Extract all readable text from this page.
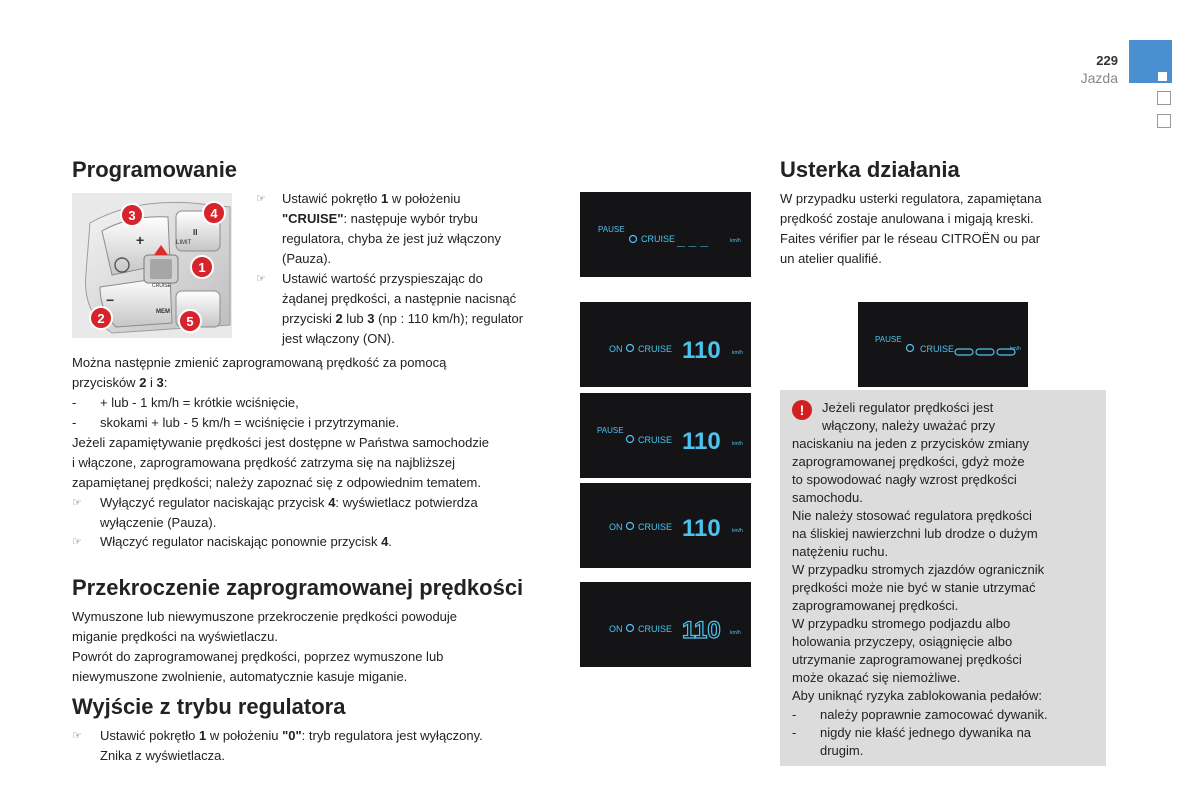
229
Jazda
Programowanie
+
−
II
LIMIT
CRUISE
MEM
3	4
1
2	5
☞ Ustawić pokrętło 1 w położeniu
"CRUISE": następuje wybór trybu
regulatora, chyba że jest już włączony
(Pauza).
☞ Ustawić wartość przyspieszając do
żądanej prędkości, a następnie nacisnąć
przyciski 2 lub 3 (np : 110 km/h); regulator
jest włączony (ON).
Można następnie zmienić zaprogramowaną prędkość za pomocą
przycisków 2 i 3:
- + lub - 1 km/h = krótkie wciśnięcie,
- skokami + lub - 5 km/h = wciśnięcie i przytrzymanie.
Jeżeli zapamiętywanie prędkości jest dostępne w Państwa samochodzie
i włączone, zaprogramowana prędkość zatrzyma się na najbliższej
zapamiętanej prędkości; należy zapoznać się z odpowiednim tematem.
☞ Wyłączyć regulator naciskając przycisk 4: wyświetlacz potwierdza
wyłączenie (Pauza).
☞ Włączyć regulator naciskając ponownie przycisk 4.
Przekroczenie zaprogramowanej prędkości
Wymuszone lub niewymuszone przekroczenie prędkości powoduje
miganie prędkości na wyświetlaczu.
Powrót do zaprogramowanej prędkości, poprzez wymuszone lub
niewymuszone zwolnienie, automatycznie kasuje miganie.
Wyjście z trybu regulatora
☞ Ustawić pokrętło 1 w położeniu "0": tryb regulatora jest wyłączony.
Znika z wyświetlacza.
PAUSE
CRUISE _ _ _	km/h
ON CRUISE 110 km/h
PAUSE
CRUISE 110 km/h
ON CRUISE 110 km/h
ON CRUISE 110 km/h
Usterka działania
W przypadku usterki regulatora, zapamiętana
prędkość zostaje anulowana i migają kreski.
Faites vérifier par le réseau CITROËN ou par
un atelier qualifié.
PAUSE
CRUISE	km/h
!	Jeżeli regulator prędkości jest
włączony, należy uważać przy
naciskaniu na jeden z przycisków zmiany
zaprogramowanej prędkości, gdyż może
to spowodować nagły wzrost prędkości
samochodu.
Nie należy stosować regulatora prędkości
na śliskiej nawierzchni lub drodze o dużym
natężeniu ruchu.
W przypadku stromych zjazdów ogranicznik
prędkości może nie być w stanie utrzymać
zaprogramowanej prędkości.
W przypadku stromego podjazdu albo
holowania przyczepy, osiągnięcie albo
utrzymanie zaprogramowanej prędkości
może okazać się niemożliwe.
Aby uniknąć ryzyka zablokowania pedałów:
- należy poprawnie zamocować dywanik.
- nigdy nie kłaść jednego dywanika na
drugim.
